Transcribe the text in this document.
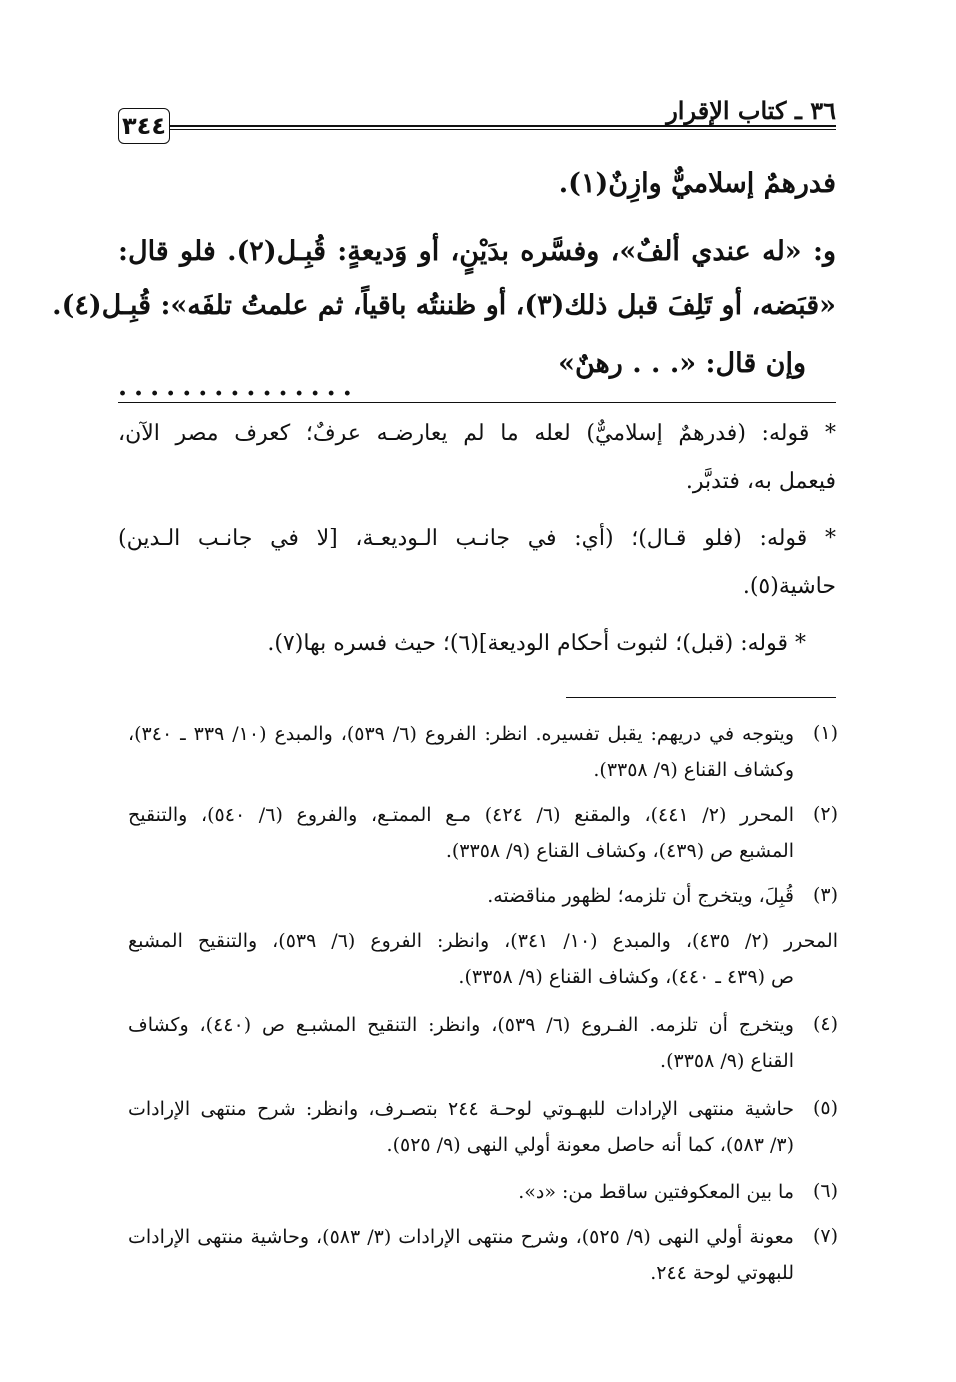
٣٦ ـ كتاب الإقرار
٣٤٤
فدرهمٌ إسلاميٌّ وازِنٌ(١).
و: «له عندي ألفٌ»، وفسَّره بدَيْنٍ، أو وَديعةٍ: قُبِـل(٢). فلو قال:
«قبَضه، أو تَلِفَ قبل ذلك(٣)، أو ظننتُه باقياً، ثم علمتُ تلفَه»: قُبِـل(٤).
وإن قال: «. . . رهنٌ»
...............
* قوله: (فدرهمٌ إسلاميٌّ) لعله ما لم يعارضـه عرفٌ؛ كعرف مصر الآن،
فيعمل به، فتدبَّر.
* قوله: (فلو قـال)؛ (أي: في جانـب الـوديعـة، [لا في جانـب الـدين)
حاشية(٥).
* قوله: (قبل)؛ لثبوت أحكام الوديعة](٦)؛ حيث فسره بها(٧).
(١)
ويتوجه في دريهم: يقبل تفسيره. انظر: الفروع (٦/ ٥٣٩)، والمبدع (١٠/ ٣٣٩ ـ ٣٤٠)،
وكشاف القناع (٩/ ٣٣٥٨).
(٢)
المحرر (٢/ ٤٤١)، والمقنع (٦/ ٤٢٤) مـع الممتـع، والفروع (٦/ ٥٤٠)، والتنقيح
المشبع ص (٤٣٩)، وكشاف القناع (٩/ ٣٣٥٨).
(٣)
قُبِلَ، ويتخرج أن تلزمه؛ لظهور مناقضته.
المحرر (٢/ ٤٣٥)، والمبدع (١٠/ ٣٤١)، وانظر: الفروع (٦/ ٥٣٩)، والتنقيح المشبع
ص (٤٣٩ ـ ٤٤٠)، وكشاف القناع (٩/ ٣٣٥٨).
(٤)
ويتخرج أن تلزمه. الفـروع (٦/ ٥٣٩)، وانظر: التنقيح المشبـع ص (٤٤٠)، وكشاف
القناع (٩/ ٣٣٥٨).
(٥)
حاشية منتهى الإرادات للبهـوتي لوحـة ٢٤٤ بتصـرف، وانظر: شرح منتهى الإرادات
(٣/ ٥٨٣)، كما أنه حاصل معونة أولي النهى (٩/ ٥٢٥).
(٦)
ما بين المعكوفتين ساقط من: «د».
(٧)
معونة أولي النهى (٩/ ٥٢٥)، وشرح منتهى الإرادات (٣/ ٥٨٣)، وحاشية منتهى الإرادات
للبهوتي لوحة ٢٤٤.
